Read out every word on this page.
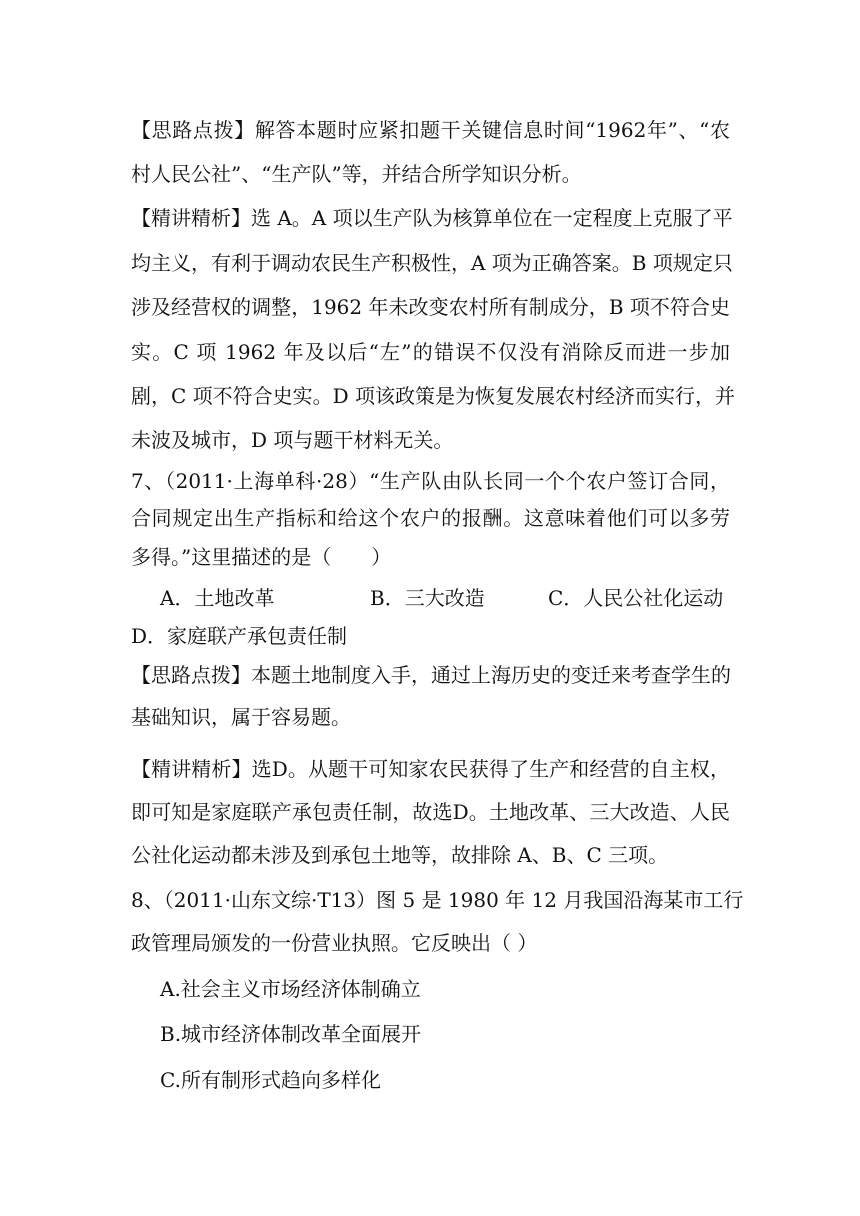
【思路点拨】解答本题时应紧扣题干关键信息时间“1962年”、“农
村人民公社”、“生产队”等，并结合所学知识分析。
【精讲精析】选 A。A 项以生产队为核算单位在一定程度上克服了平
均主义，有利于调动农民生产积极性，A 项为正确答案。B 项规定只
涉及经营权的调整，1962 年未改变农村所有制成分，B 项不符合史
实。C 项 1962 年及以后“左”的错误不仅没有消除反而进一步加
剧，C 项不符合史实。D 项该政策是为恢复发展农村经济而实行，并
未波及城市，D 项与题干材料无关。
7、（2011·上海单科·28）“生产队由队长同一个个农户签订合同，
合同规定出生产指标和给这个农户的报酬。这意味着他们可以多劳
多得。”这里描述的是（　　）
A．土地改革	B．三大改造	C．人民公社化运动
D．家庭联产承包责任制
【思路点拨】本题土地制度入手，通过上海历史的变迁来考查学生的
基础知识，属于容易题。
【精讲精析】选D。从题干可知家农民获得了生产和经营的自主权，
即可知是家庭联产承包责任制，故选D。土地改革、三大改造、人民
公社化运动都未涉及到承包土地等，故排除 A、B、C 三项。
8、（2011·山东文综·T13）图 5 是 1980 年 12 月我国沿海某市工行
政管理局颁发的一份营业执照。它反映出（ ）
A.社会主义市场经济体制确立
B.城市经济体制改革全面展开
C.所有制形式趋向多样化
